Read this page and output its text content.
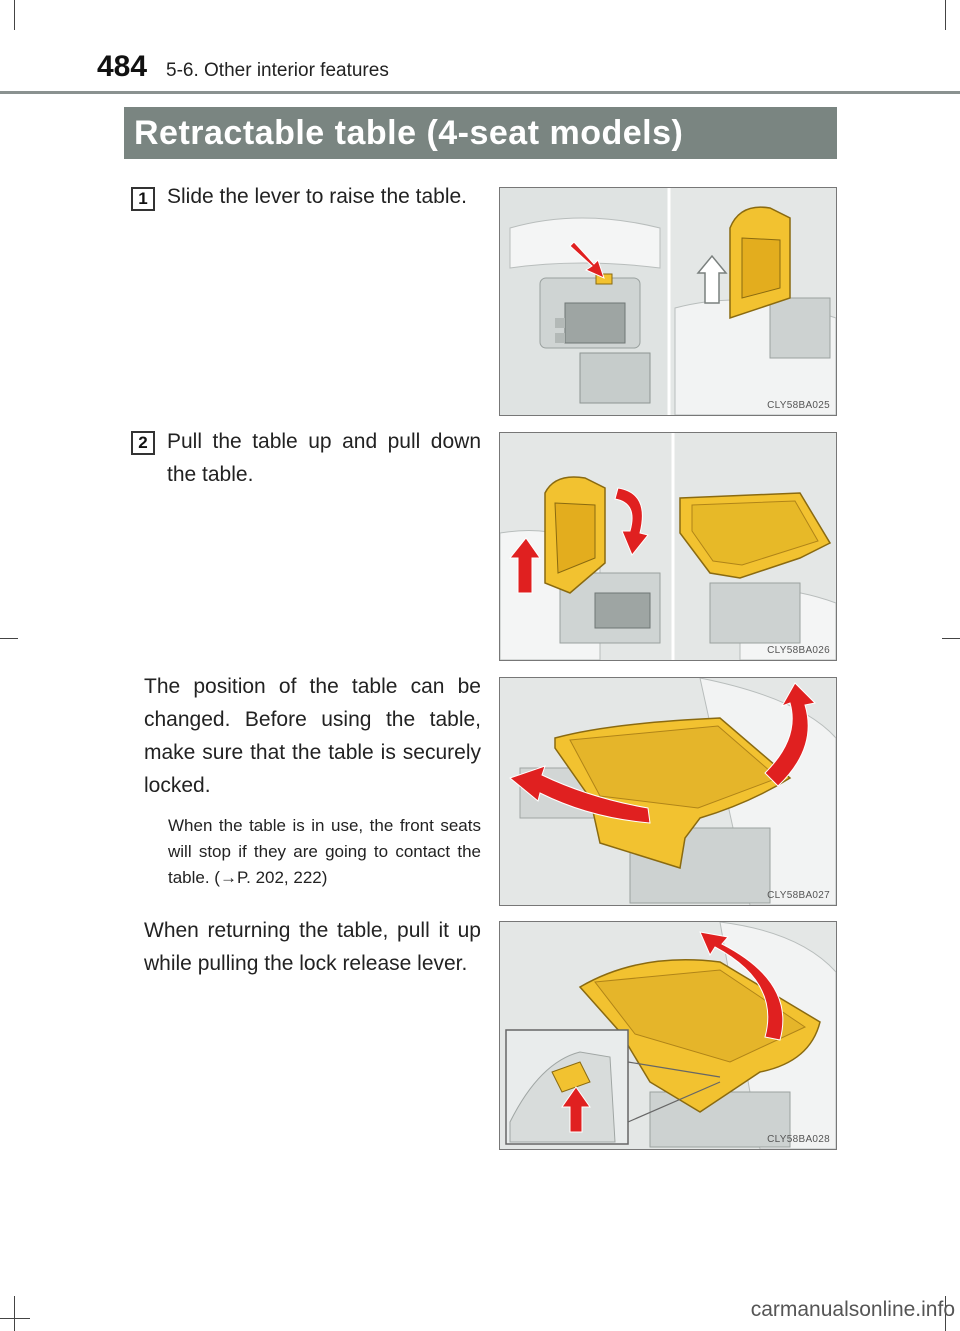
484 5-6. Other interior features
Retractable table (4-seat models)
1 Slide the lever to raise the table.
2 Pull the table up and pull down the table.
The position of the table can be changed. Before using the table, make sure that the table is securely locked.
When the table is in use, the front seats will stop if they are going to contact the table. (→P. 202, 222)
When returning the table, pull it up while pulling the lock release lever.
CLY58BA025
CLY58BA026
CLY58BA027
CLY58BA028
carmanualsonline.info
